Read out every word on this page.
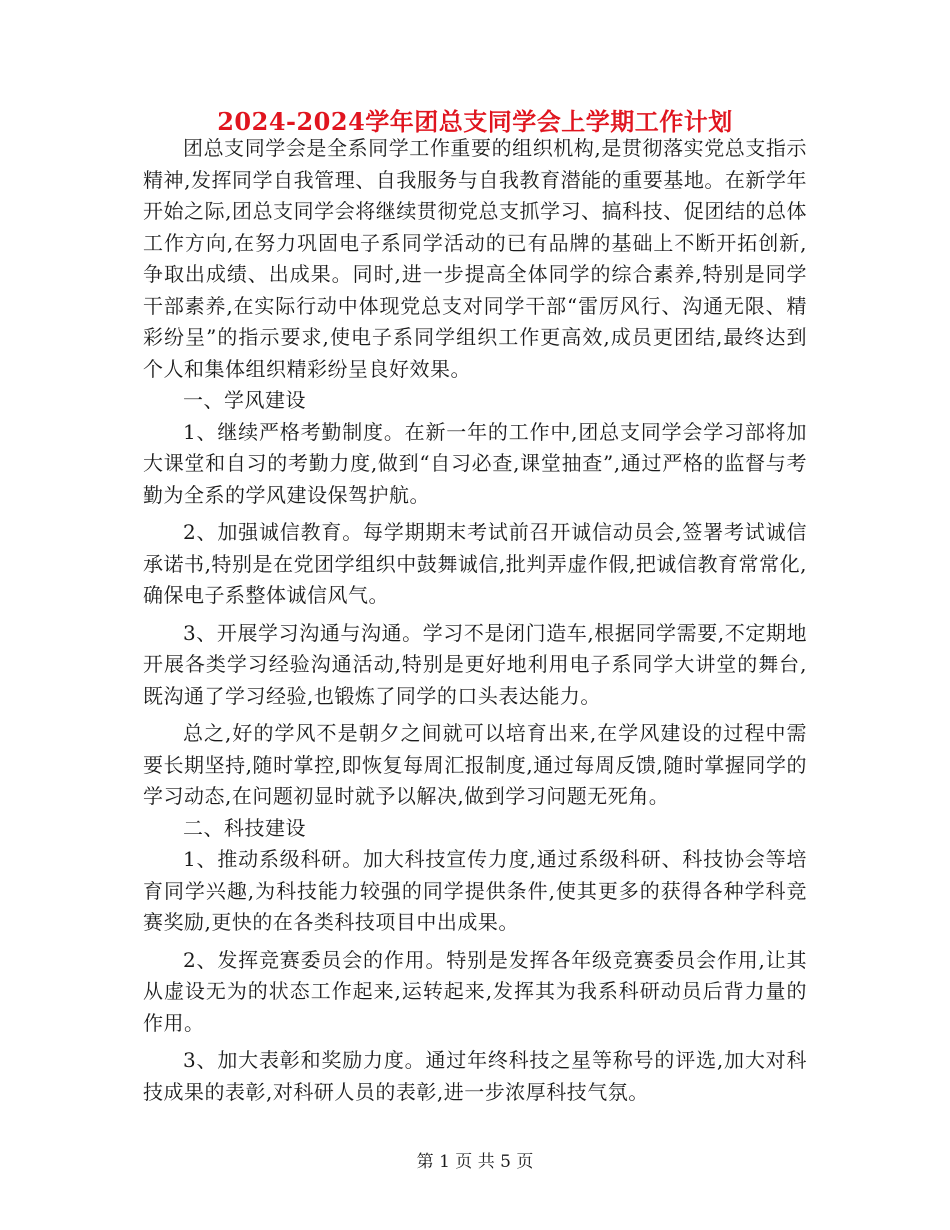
2024-2024学年团总支同学会上学期工作计划

团总支同学会是全系同学工作重要的组织机构,是贯彻落实党总支指示精神,发挥同学自我管理、自我服务与自我教育潜能的重要基地。在新学年开始之际,团总支同学会将继续贯彻党总支抓学习、搞科技、促团结的总体工作方向,在努力巩固电子系同学活动的已有品牌的基础上不断开拓创新,争取出成绩、出成果。同时,进一步提高全体同学的综合素养,特别是同学干部素养,在实际行动中体现党总支对同学干部“雷厉风行、沟通无限、精彩纷呈”的指示要求,使电子系同学组织工作更高效,成员更团结,最终达到个人和集体组织精彩纷呈良好效果。

一、学风建设

1、继续严格考勤制度。在新一年的工作中,团总支同学会学习部将加大课堂和自习的考勤力度,做到“自习必查,课堂抽查”,通过严格的监督与考勤为全系的学风建设保驾护航。

2、加强诚信教育。每学期期末考试前召开诚信动员会,签署考试诚信承诺书,特别是在党团学组织中鼓舞诚信,批判弄虚作假,把诚信教育常常化,确保电子系整体诚信风气。

3、开展学习沟通与沟通。学习不是闭门造车,根据同学需要,不定期地开展各类学习经验沟通活动,特别是更好地利用电子系同学大讲堂的舞台,既沟通了学习经验,也锻炼了同学的口头表达能力。

总之,好的学风不是朝夕之间就可以培育出来,在学风建设的过程中需要长期坚持,随时掌控,即恢复每周汇报制度,通过每周反馈,随时掌握同学的学习动态,在问题初显时就予以解决,做到学习问题无死角。

二、科技建设

1、推动系级科研。加大科技宣传力度,通过系级科研、科技协会等培育同学兴趣,为科技能力较强的同学提供条件,使其更多的获得各种学科竞赛奖励,更快的在各类科技项目中出成果。

2、发挥竞赛委员会的作用。特别是发挥各年级竞赛委员会作用,让其从虚设无为的状态工作起来,运转起来,发挥其为我系科研动员后背力量的作用。

3、加大表彰和奖励力度。通过年终科技之星等称号的评选,加大对科技成果的表彰,对科研人员的表彰,进一步浓厚科技气氛。

第 1 页 共 5 页
